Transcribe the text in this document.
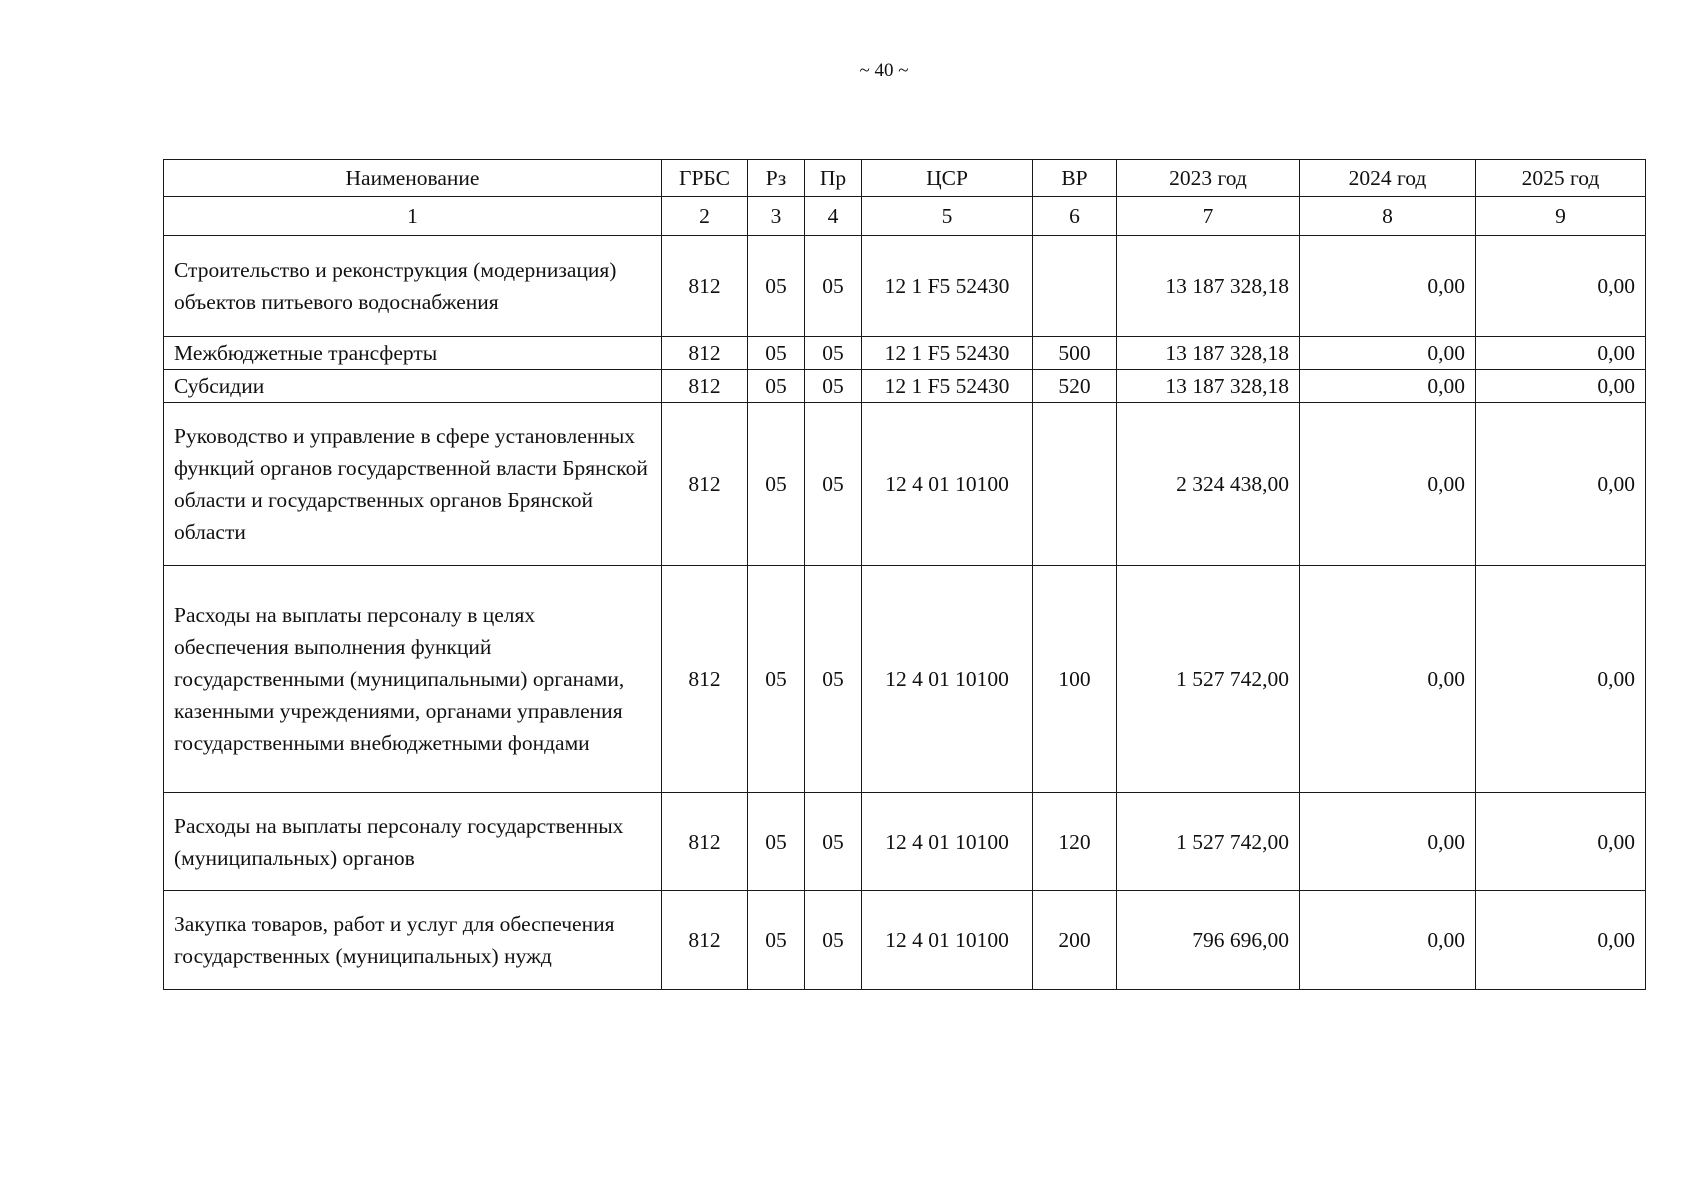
~ 40 ~
Наименование	ГРБС	Рз	Пр	ЦСР	ВР	2023 год	2024 год	2025 год
1	2	3	4	5	6	7	8	9
Строительство и реконструкция (модернизация) объектов питьевого водоснабжения	812	05	05	12 1 F5 52430		13 187 328,18	0,00	0,00
Межбюджетные трансферты	812	05	05	12 1 F5 52430	500	13 187 328,18	0,00	0,00
Субсидии	812	05	05	12 1 F5 52430	520	13 187 328,18	0,00	0,00
Руководство и управление в сфере установленных функций органов государственной власти Брянской области и государственных органов Брянской области	812	05	05	12 4 01 10100		2 324 438,00	0,00	0,00
Расходы на выплаты персоналу в целях обеспечения выполнения функций государственными (муниципальными) органами, казенными учреждениями, органами управления государственными внебюджетными фондами	812	05	05	12 4 01 10100	100	1 527 742,00	0,00	0,00
Расходы на выплаты персоналу государственных (муниципальных) органов	812	05	05	12 4 01 10100	120	1 527 742,00	0,00	0,00
Закупка товаров, работ и услуг для обеспечения государственных (муниципальных) нужд	812	05	05	12 4 01 10100	200	796 696,00	0,00	0,00
